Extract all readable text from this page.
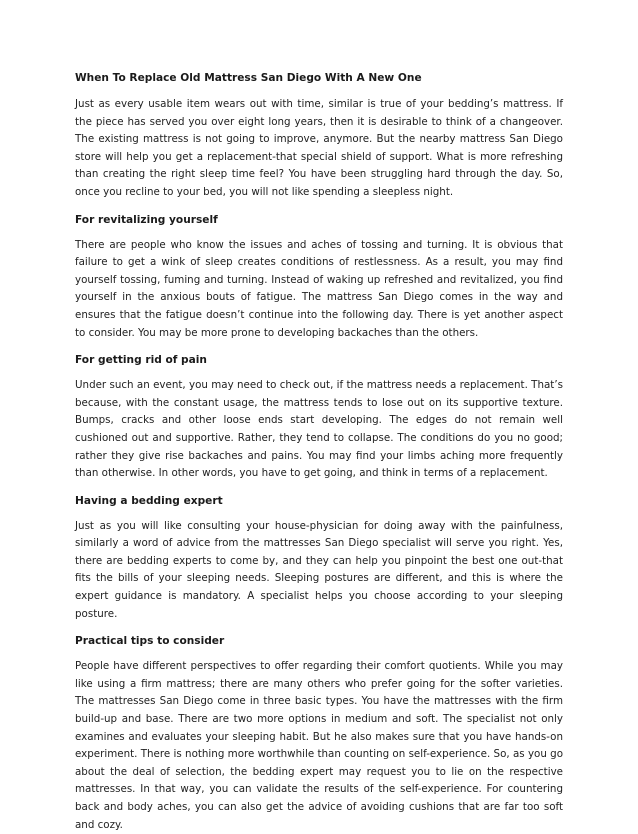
When To Replace Old Mattress San Diego With A New One

Just as every usable item wears out with time, similar is true of your bedding’s mattress. If the piece has served you over eight long years, then it is desirable to think of a changeover. The existing mattress is not going to improve, anymore. But the nearby mattress San Diego store will help you get a replacement-that special shield of support. What is more refreshing than creating the right sleep time feel? You have been struggling hard through the day. So, once you recline to your bed, you will not like spending a sleepless night.

For revitalizing yourself

There are people who know the issues and aches of tossing and turning. It is obvious that failure to get a wink of sleep creates conditions of restlessness. As a result, you may find yourself tossing, fuming and turning. Instead of waking up refreshed and revitalized, you find yourself in the anxious bouts of fatigue. The mattress San Diego comes in the way and ensures that the fatigue doesn’t continue into the following day. There is yet another aspect to consider. You may be more prone to developing backaches than the others.

For getting rid of pain

Under such an event, you may need to check out, if the mattress needs a replacement. That’s because, with the constant usage, the mattress tends to lose out on its supportive texture. Bumps, cracks and other loose ends start developing. The edges do not remain well cushioned out and supportive. Rather, they tend to collapse. The conditions do you no good; rather they give rise backaches and pains. You may find your limbs aching more frequently than otherwise. In other words, you have to get going, and think in terms of a replacement.

Having a bedding expert

Just as you will like consulting your house-physician for doing away with the painfulness, similarly a word of advice from the mattresses San Diego specialist will serve you right. Yes, there are bedding experts to come by, and they can help you pinpoint the best one out-that fits the bills of your sleeping needs. Sleeping postures are different, and this is where the expert guidance is mandatory. A specialist helps you choose according to your sleeping posture.

Practical tips to consider

People have different perspectives to offer regarding their comfort quotients. While you may like using a firm mattress; there are many others who prefer going for the softer varieties. The mattresses San Diego come in three basic types. You have the mattresses with the firm build-up and base. There are two more options in medium and soft. The specialist not only examines and evaluates your sleeping habit. But he also makes sure that you have hands-on experiment. There is nothing more worthwhile than counting on self-experience. So, as you go about the deal of selection, the bedding expert may request you to lie on the respective mattresses. In that way, you can validate the results of the self-experience. For countering back and body aches, you can also get the advice of avoiding cushions that are far too soft and cozy.
